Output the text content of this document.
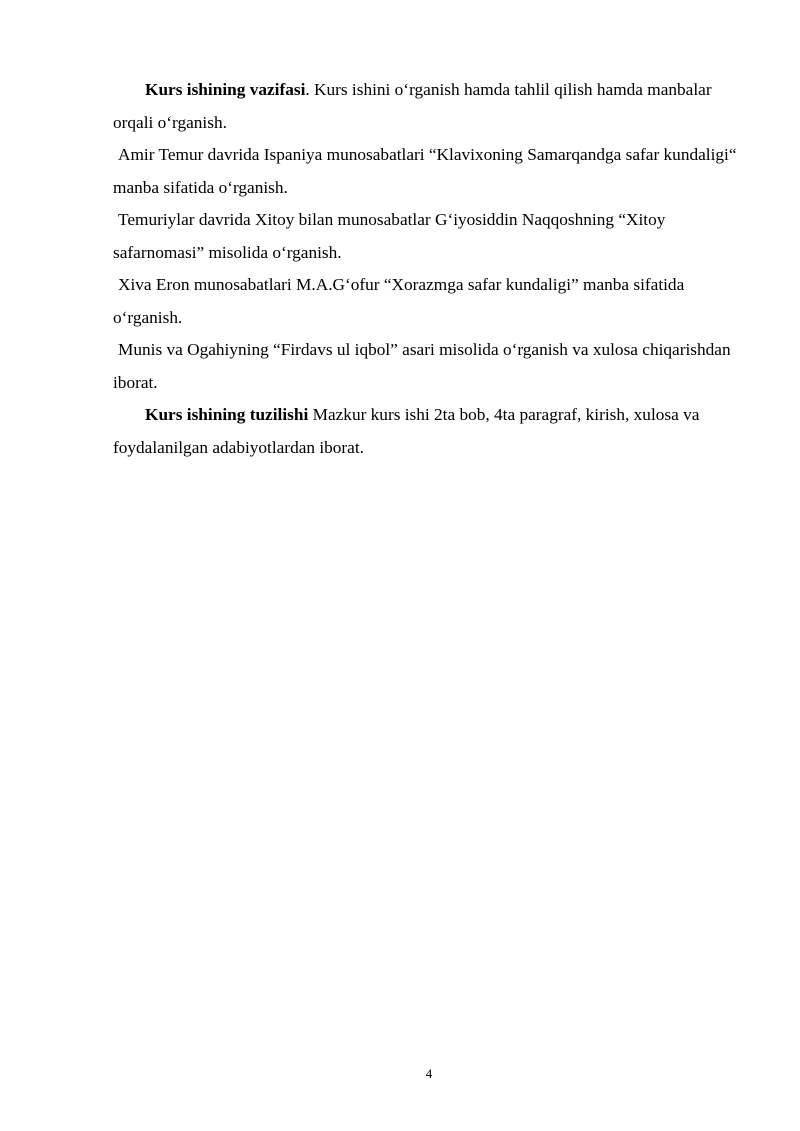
Kurs ishining vazifasi. Kurs ishini o‘rganish hamda tahlil qilish hamda manbalar orqali o‘rganish.

Amir Temur davrida Ispaniya munosabatlari “Klavixoning Samarqandga safar kundaligi“ manba sifatida o‘rganish.

Temuriylar davrida Xitoy bilan munosabatlar G‘iyosiddin Naqqoshning “Xitoy safarnomasi” misolida o‘rganish.

Xiva Eron munosabatlari M.A.G‘ofur “Xorazmga safar kundaligi” manba sifatida o‘rganish.

Munis va Ogahiyning “Firdavs ul iqbol” asari misolida o‘rganish va xulosa chiqarishdan iborat.

Kurs ishining tuzilishi Mazkur kurs ishi 2ta bob, 4ta paragraf, kirish, xulosa va foydalanilgan adabiyotlardan iborat.

4
